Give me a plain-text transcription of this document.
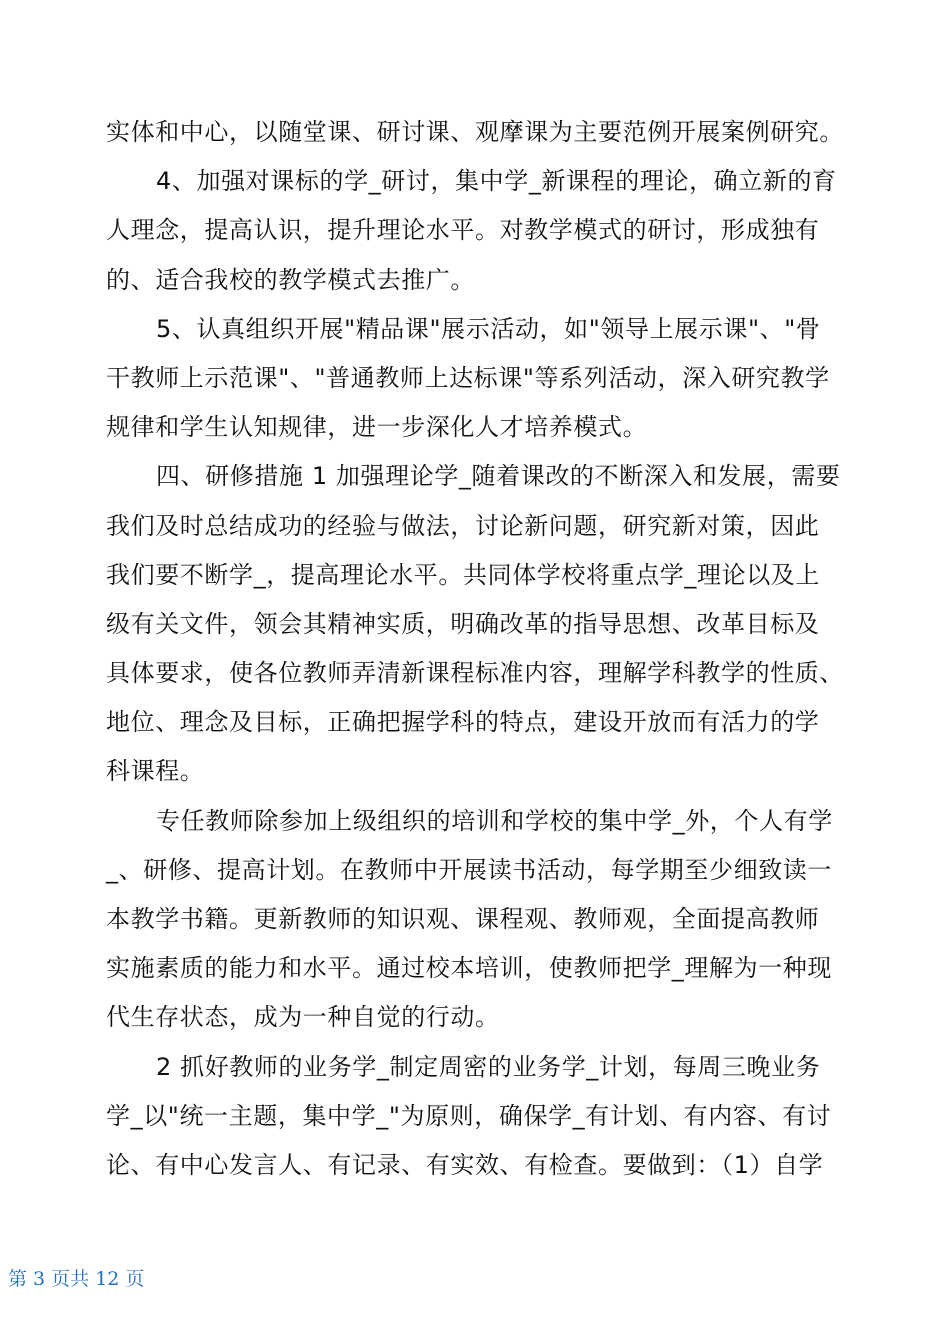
实体和中心，以随堂课、研讨课、观摩课为主要范例开展案例研究。
4、加强对课标的学_研讨，集中学_新课程的理论，确立新的育
人理念，提高认识，提升理论水平。对教学模式的研讨，形成独有
的、适合我校的教学模式去推广。
5、认真组织开展"精品课"展示活动，如"领导上展示课"、"骨
干教师上示范课"、"普通教师上达标课"等系列活动，深入研究教学
规律和学生认知规律，进一步深化人才培养模式。
四、研修措施 1 加强理论学_随着课改的不断深入和发展，需要
我们及时总结成功的经验与做法，讨论新问题，研究新对策，因此
我们要不断学_，提高理论水平。共同体学校将重点学_理论以及上
级有关文件，领会其精神实质，明确改革的指导思想、改革目标及
具体要求，使各位教师弄清新课程标准内容，理解学科教学的性质、
地位、理念及目标，正确把握学科的特点，建设开放而有活力的学
科课程。
专任教师除参加上级组织的培训和学校的集中学_外，个人有学
_、研修、提高计划。在教师中开展读书活动，每学期至少细致读一
本教学书籍。更新教师的知识观、课程观、教师观，全面提高教师
实施素质的能力和水平。通过校本培训，使教师把学_理解为一种现
代生存状态，成为一种自觉的行动。
2 抓好教师的业务学_制定周密的业务学_计划，每周三晚业务
学_以"统一主题，集中学_"为原则，确保学_有计划、有内容、有讨
论、有中心发言人、有记录、有实效、有检查。要做到：（1）自学
第 3 页共 12 页
